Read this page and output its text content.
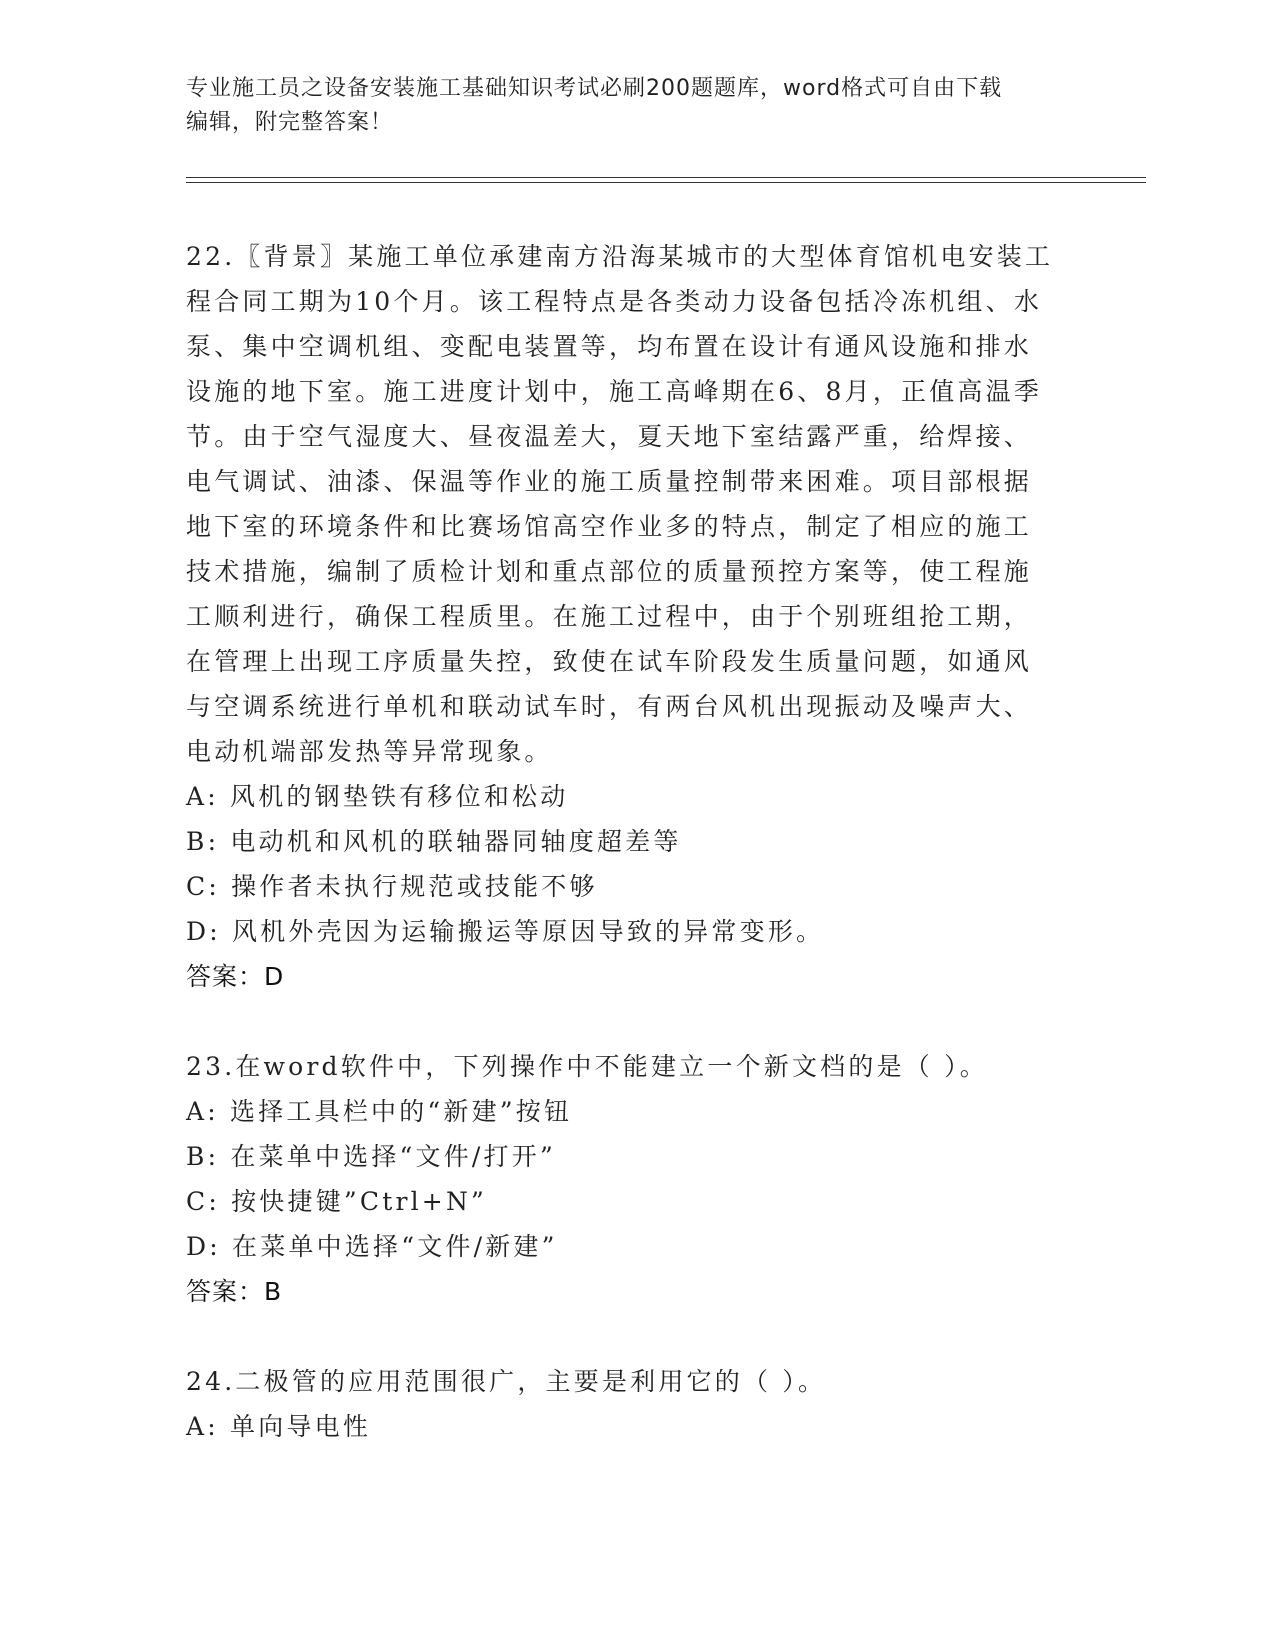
专业施工员之设备安装施工基础知识考试必刷200题题库，word格式可自由下载
编辑，附完整答案！
22.〖背景〗某施工单位承建南方沿海某城市的大型体育馆机电安装工
程合同工期为10个月。该工程特点是各类动力设备包括冷冻机组、水
泵、集中空调机组、变配电装置等，均布置在设计有通风设施和排水
设施的地下室。施工进度计划中，施工高峰期在6、8月，正值高温季
节。由于空气湿度大、昼夜温差大，夏天地下室结露严重，给焊接、
电气调试、油漆、保温等作业的施工质量控制带来困难。项目部根据
地下室的环境条件和比赛场馆高空作业多的特点，制定了相应的施工
技术措施，编制了质检计划和重点部位的质量预控方案等，使工程施
工顺利进行，确保工程质里。在施工过程中，由于个别班组抢工期，
在管理上出现工序质量失控，致使在试车阶段发生质量问题，如通风
与空调系统进行单机和联动试车时，有两台风机出现振动及噪声大、
电动机端部发热等异常现象。
A: 风机的钢垫铁有移位和松动
B: 电动机和风机的联轴器同轴度超差等
C: 操作者未执行规范或技能不够
D: 风机外壳因为运输搬运等原因导致的异常变形。
答案：D
23.在word软件中，下列操作中不能建立一个新文档的是（ ）。
A: 选择工具栏中的“新建”按钮
B: 在菜单中选择“文件/打开”
C: 按快捷键”Ctrl+N”
D: 在菜单中选择“文件/新建”
答案：B
24.二极管的应用范围很广，主要是利用它的（ ）。
A: 单向导电性
